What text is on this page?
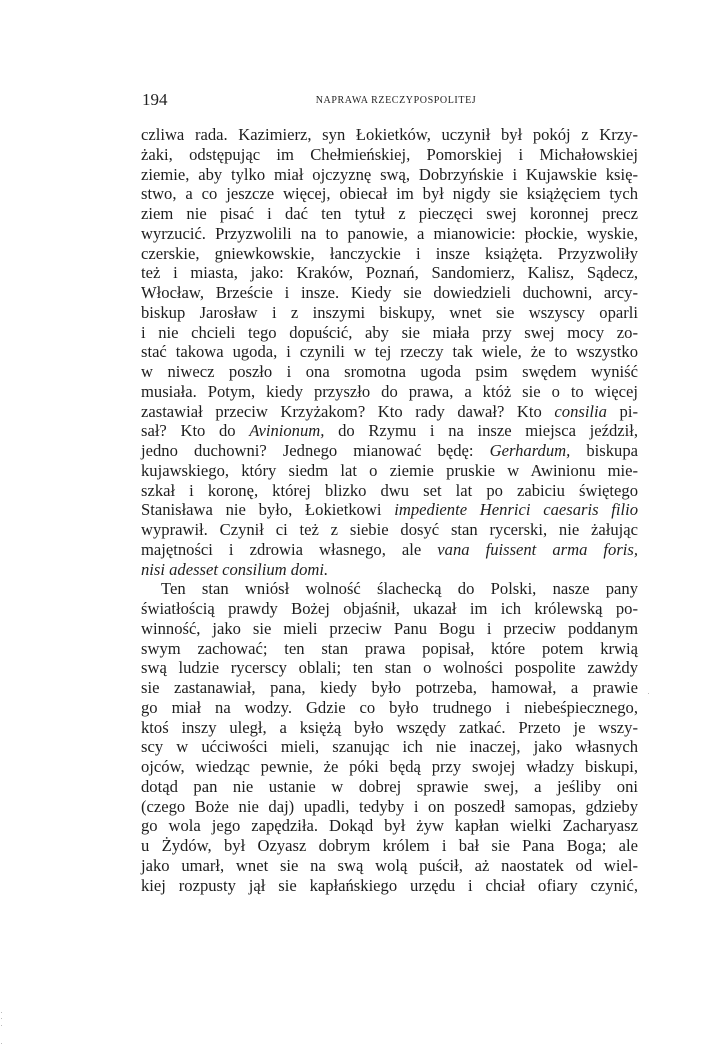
194	NAPRAWA RZECZYPOSPOLITEJ
czliwa rada. Kazimierz, syn Łokietków, uczynił był pokój z Krzy-
żaki, odstępując im Chełmieńskiej, Pomorskiej i Michałowskiej
ziemie, aby tylko miał ojczyznę swą, Dobrzyńskie i Kujawskie księ-
stwo, a co jeszcze więcej, obiecał im był nigdy sie książęciem tych
ziem nie pisać i dać ten tytuł z pieczęci swej koronnej precz
wyrzucić. Przyzwolili na to panowie, a mianowicie: płockie, wyskie,
czerskie, gniewkowskie, łanczyckie i insze książęta. Przyzwoliły
też i miasta, jako: Kraków, Poznań, Sandomierz, Kalisz, Sądecz,
Włocław, Brzeście i insze. Kiedy sie dowiedzieli duchowni, arcy-
biskup Jarosław i z inszymi biskupy, wnet sie wszyscy oparli
i nie chcieli tego dopuścić, aby sie miała przy swej mocy zo-
stać takowa ugoda, i czynili w tej rzeczy tak wiele, że to wszystko
w niwecz poszło i ona sromotna ugoda psim swędem wyniść
musiała. Potym, kiedy przyszło do prawa, a któż sie o to więcej
zastawiał przeciw Krzyżakom? Kto rady dawał? Kto consilia pi-
sał? Kto do Avinionum, do Rzymu i na insze miejsca jeździł,
jedno duchowni? Jednego mianować będę: Gerhardum, biskupa
kujawskiego, który siedm lat o ziemie pruskie w Awinionu mie-
szkał i koronę, której blizko dwu set lat po zabiciu świętego
Stanisława nie było, Łokietkowi impediente Henrici caesaris filio
wyprawił. Czynił ci też z siebie dosyć stan rycerski, nie żałując
majętności i zdrowia własnego, ale vana fuissent arma foris,
nisi adesset consilium domi.
Ten stan wniósł wolność ślachecką do Polski, nasze pany
światłością prawdy Bożej objaśnił, ukazał im ich królewską po-
winność, jako sie mieli przeciw Panu Bogu i przeciw poddanym
swym zachować; ten stan prawa popisał, które potem krwią
swą ludzie rycerscy oblali; ten stan o wolności pospolite zawżdy
sie zastanawiał, pana, kiedy było potrzeba, hamował, a prawie
go miał na wodzy. Gdzie co było trudnego i niebeśpiecznego,
ktoś inszy uległ, a księżą było wszędy zatkać. Przeto je wszy-
scy w ućciwości mieli, szanując ich nie inaczej, jako własnych
ojców, wiedząc pewnie, że póki będą przy swojej władzy biskupi,
dotąd pan nie ustanie w dobrej sprawie swej, a jeśliby oni
(czego Boże nie daj) upadli, tedyby i on poszedł samopas, gdzieby
go wola jego zapędziła. Dokąd był żyw kapłan wielki Zacharyasz
u Żydów, był Ozyasz dobrym królem i bał sie Pana Boga; ale
jako umarł, wnet sie na swą wolą puścił, aż naostatek od wiel-
kiej rozpusty jął sie kapłańskiego urzędu i chciał ofiary czynić,
